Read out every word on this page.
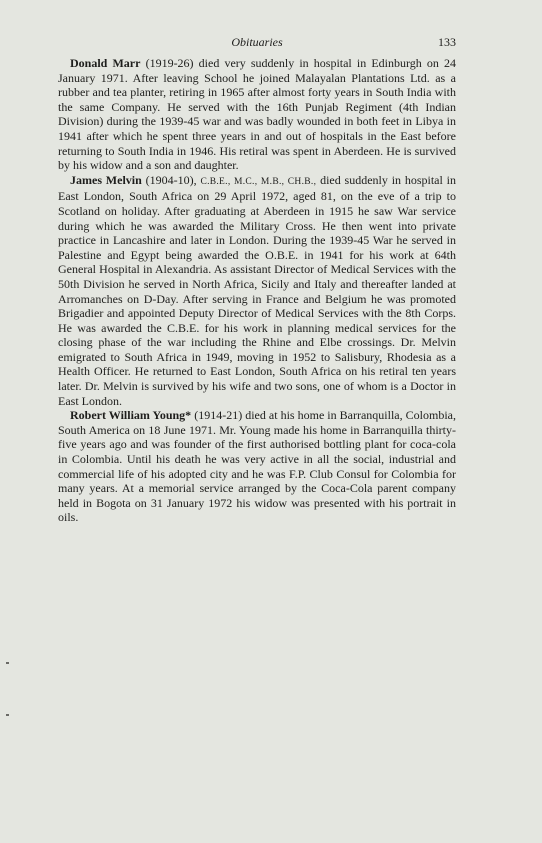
Obituaries	133

Donald Marr (1919-26) died very suddenly in hospital in Edinburgh on 24 January 1971. After leaving School he joined Malayalan Plantations Ltd. as a rubber and tea planter, retiring in 1965 after almost forty years in South India with the same Company. He served with the 16th Punjab Regiment (4th Indian Division) during the 1939-45 war and was badly wounded in both feet in Libya in 1941 after which he spent three years in and out of hospitals in the East before returning to South India in 1946. His retiral was spent in Aberdeen. He is survived by his widow and a son and daughter.

James Melvin (1904-10), C.B.E., M.C., M.B., CH.B., died suddenly in hospital in East London, South Africa on 29 April 1972, aged 81, on the eve of a trip to Scotland on holiday. After graduating at Aberdeen in 1915 he saw War service during which he was awarded the Military Cross. He then went into private practice in Lancashire and later in London. During the 1939-45 War he served in Palestine and Egypt being awarded the O.B.E. in 1941 for his work at 64th General Hospital in Alexandria. As assistant Director of Medical Services with the 50th Division he served in North Africa, Sicily and Italy and thereafter landed at Arromanches on D-Day. After serving in France and Belgium he was promoted Brigadier and appointed Deputy Director of Medical Services with the 8th Corps. He was awarded the C.B.E. for his work in planning medical services for the closing phase of the war including the Rhine and Elbe crossings. Dr. Melvin emigrated to South Africa in 1949, moving in 1952 to Salisbury, Rhodesia as a Health Officer. He returned to East London, South Africa on his retiral ten years later. Dr. Melvin is survived by his wife and two sons, one of whom is a Doctor in East London.

Robert William Young* (1914-21) died at his home in Barranquilla, Colombia, South America on 18 June 1971. Mr. Young made his home in Barranquilla thirty-five years ago and was founder of the first authorised bottling plant for coca-cola in Colombia. Until his death he was very active in all the social, industrial and commercial life of his adopted city and he was F.P. Club Consul for Colombia for many years. At a memorial service arranged by the Coca-Cola parent company held in Bogota on 31 January 1972 his widow was presented with his portrait in oils.
